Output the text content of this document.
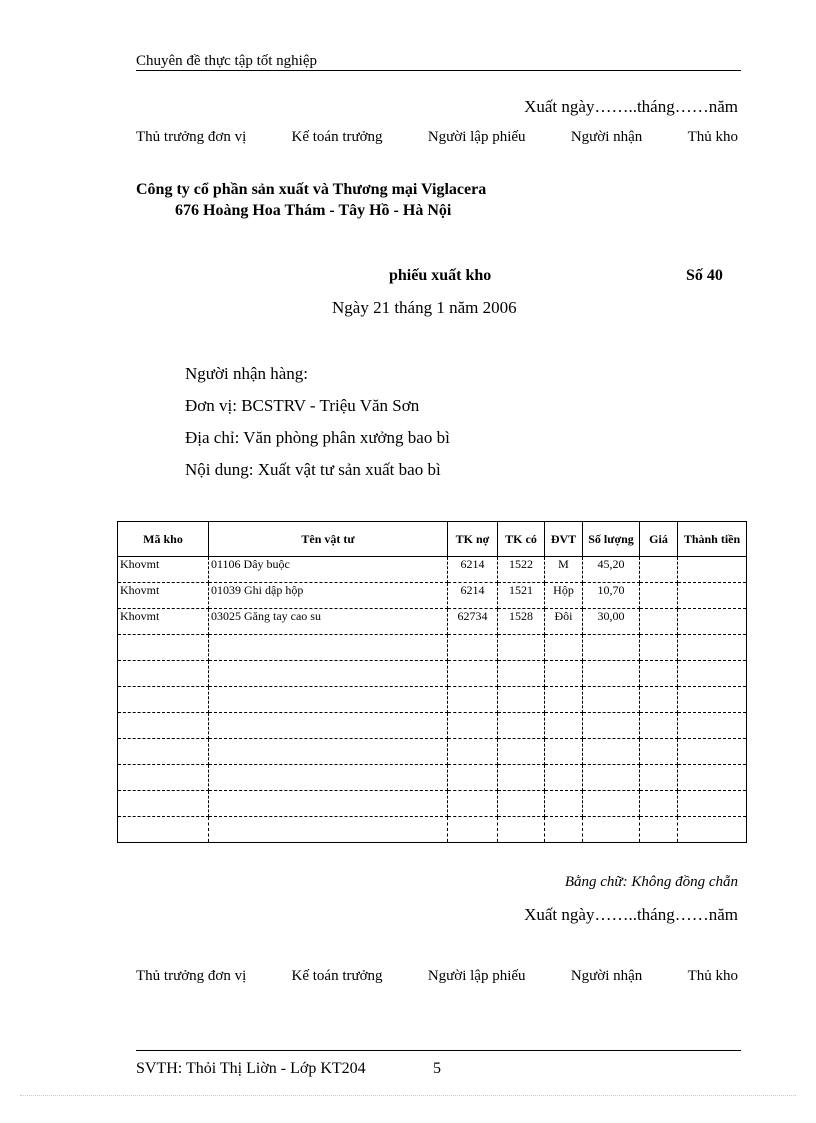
Chuyên đề thực tập tốt nghiệp
Xuất ngày……..tháng……năm
Thủ trưởng đơn vị	Kế toán trưởng	Người lập phiếu	Người nhận	Thủ kho
Công ty cổ phần sản xuất và Thương mại Viglacera
676 Hoàng Hoa Thám - Tây Hồ - Hà Nội
phiếu xuất kho	Số 40
Ngày 21 tháng 1 năm 2006
Người nhận hàng:
Đơn vị: BCSTRV - Triệu Văn Sơn
Địa chỉ: Văn phòng phân xưởng bao bì
Nội dung: Xuất vật tư sản xuất bao bì
Mã kho	Tên vật tư	TK nợ	TK có	ĐVT	Số lượng	Giá	Thành tiền
Khovmt	01106 Dây buộc	6214	1522	M	45,20		
Khovmt	01039 Ghi dập hộp	6214	1521	Hộp	10,70		
Khovmt	03025 Găng tay cao su	62734	1528	Đôi	30,00		

Bằng chữ: Không đồng chẵn
Xuất ngày……..tháng……năm
Thủ trưởng đơn vị	Kế toán trưởng	Người lập phiếu	Người nhận	Thủ kho
SVTH: Thỏi Thị Liờn - Lớp KT204	5
